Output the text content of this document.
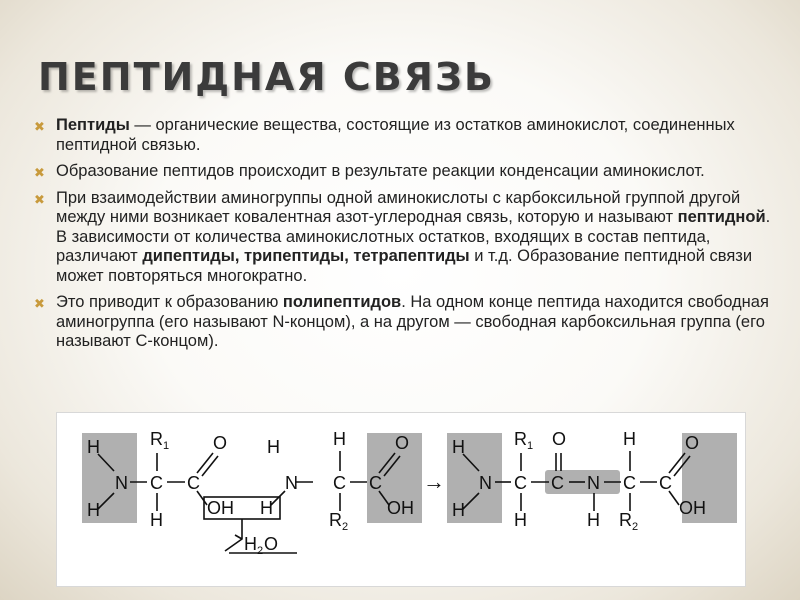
ПЕПТИДНАЯ СВЯЗЬ
✖ Пептиды — органические вещества, состоящие из остатков аминокислот, соединенных пептидной связью.
✖ Образование пептидов происходит в результате реакции конденсации аминокислот.
✖ При взаимодействии аминогруппы одной аминокислоты с карбоксильной группой другой между ними возникает ковалентная азот-углеродная связь, которую и называют пептидной. В зависимости от количества аминокислотных остатков, входящих в состав пептида, различают дипептиды, трипептиды, тетрапептиды и т.д. Образование пептидной связи может повторяться многократно.
✖ Это приводит к образованию полипептидов. На одном конце пептида находится свободная аминогруппа (его называют N-концом), а на другом — свободная карбоксильная группа (его называют C-концом).
H
N
H
R 1
C
H
C
O
OH H
H
N
H
C
R 2
C
O
OH
H 2 O
→
H
N
H
R 1
C
H
O
C N
H
H
C
R 2
C
O
OH
